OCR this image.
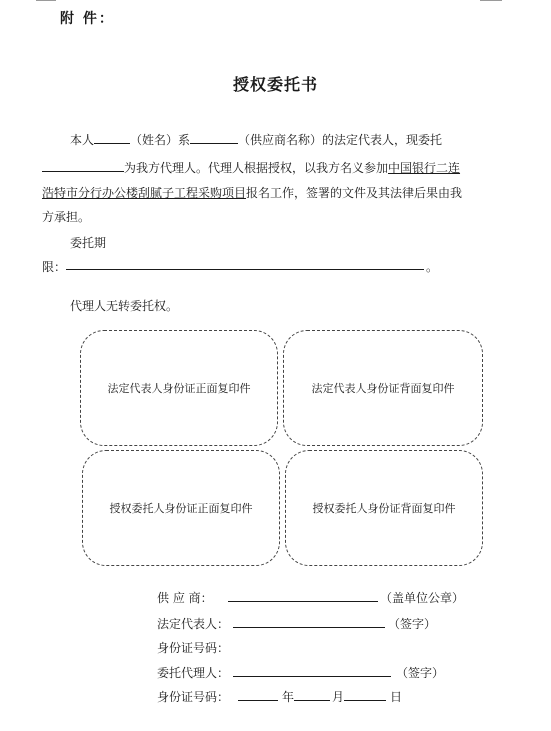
附 件：
授权委托书
本人	（姓名）系	（供应商名称）的法定代表人，现委托
为我方代理人。代理人根据授权，以我方名义参加中国银行二连
浩特市分行办公楼刮腻子工程采购项目报名工作，签署的文件及其法律后果由我
方承担。
委托期
限：	。
代理人无转委托权。
法定代表人身份证正面复印件	法定代表人身份证背面复印件
授权委托人身份证正面复印件	授权委托人身份证背面复印件
供 应 商：	（盖单位公章）
法定代表人：	（签字）
身份证号码：
委托代理人：	（签字）
身份证号码：	年	月	日
